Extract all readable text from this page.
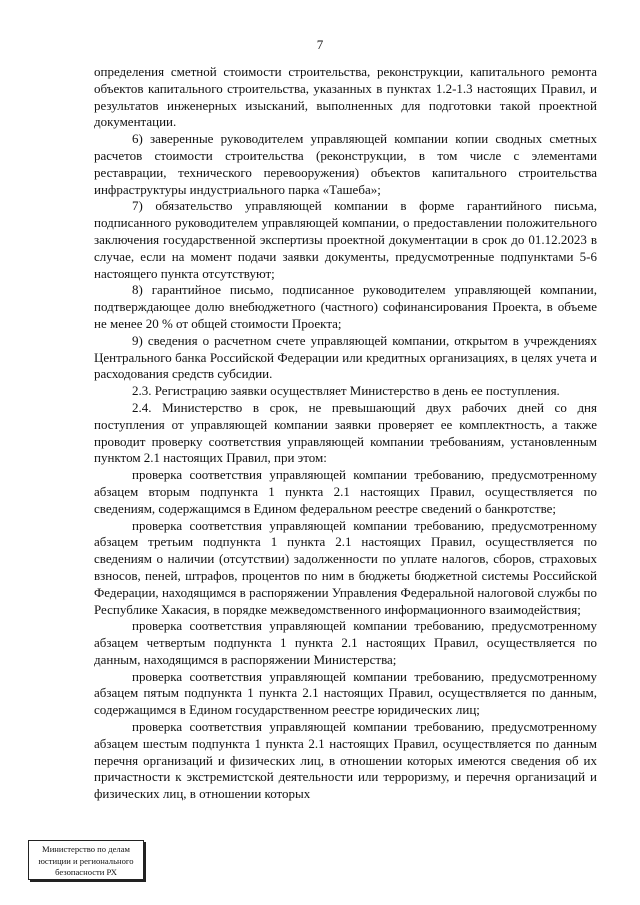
7

определения сметной стоимости строительства, реконструкции, капитального ремонта объектов капитального строительства, указанных в пунктах 1.2-1.3 настоящих Правил, и результатов инженерных изысканий, выполненных для подготовки такой проектной документации.

6) заверенные руководителем управляющей компании копии сводных сметных расчетов стоимости строительства (реконструкции, в том числе с элементами реставрации, технического перевооружения) объектов капитального строительства инфраструктуры индустриального парка «Ташеба»;

7) обязательство управляющей компании в форме гарантийного письма, подписанного руководителем управляющей компании, о предоставлении положительного заключения государственной экспертизы проектной документации в срок до 01.12.2023 в случае, если на момент подачи заявки документы, предусмотренные подпунктами 5-6 настоящего пункта отсутствуют;

8) гарантийное письмо, подписанное руководителем управляющей компании, подтверждающее долю внебюджетного (частного) софинансирования Проекта, в объеме не менее 20 % от общей стоимости Проекта;

9) сведения о расчетном счете управляющей компании, открытом в учреждениях Центрального банка Российской Федерации или кредитных организациях, в целях учета и расходования средств субсидии.

2.3. Регистрацию заявки осуществляет Министерство в день ее поступления.

2.4. Министерство в срок, не превышающий двух рабочих дней со дня поступления от управляющей компании заявки проверяет ее комплектность, а также проводит проверку соответствия управляющей компании требованиям, установленным пунктом 2.1 настоящих Правил, при этом:

проверка соответствия управляющей компании требованию, предусмотренному абзацем вторым подпункта 1 пункта 2.1 настоящих Правил, осуществляется по сведениям, содержащимся в Едином федеральном реестре сведений о банкротстве;

проверка соответствия управляющей компании требованию, предусмотренному абзацем третьим подпункта 1 пункта 2.1 настоящих Правил, осуществляется по сведениям о наличии (отсутствии) задолженности по уплате налогов, сборов, страховых взносов, пеней, штрафов, процентов по ним в бюджеты бюджетной системы Российской Федерации, находящимся в распоряжении Управления Федеральной налоговой службы по Республике Хакасия, в порядке межведомственного информационного взаимодействия;

проверка соответствия управляющей компании требованию, предусмотренному абзацем четвертым подпункта 1 пункта 2.1 настоящих Правил, осуществляется по данным, находящимся в распоряжении Министерства;

проверка соответствия управляющей компании требованию, предусмотренному абзацем пятым подпункта 1 пункта 2.1 настоящих Правил, осуществляется по данным, содержащимся в Едином государственном реестре юридических лиц;

проверка соответствия управляющей компании требованию, предусмотренному абзацем шестым подпункта 1 пункта 2.1 настоящих Правил, осуществляется по данным перечня организаций и физических лиц, в отношении которых имеются сведения об их причастности к экстремистской деятельности или терроризму, и перечня организаций и физических лиц, в отношении которых

Министерство по делам
юстиции и регионального
безопасности РХ
